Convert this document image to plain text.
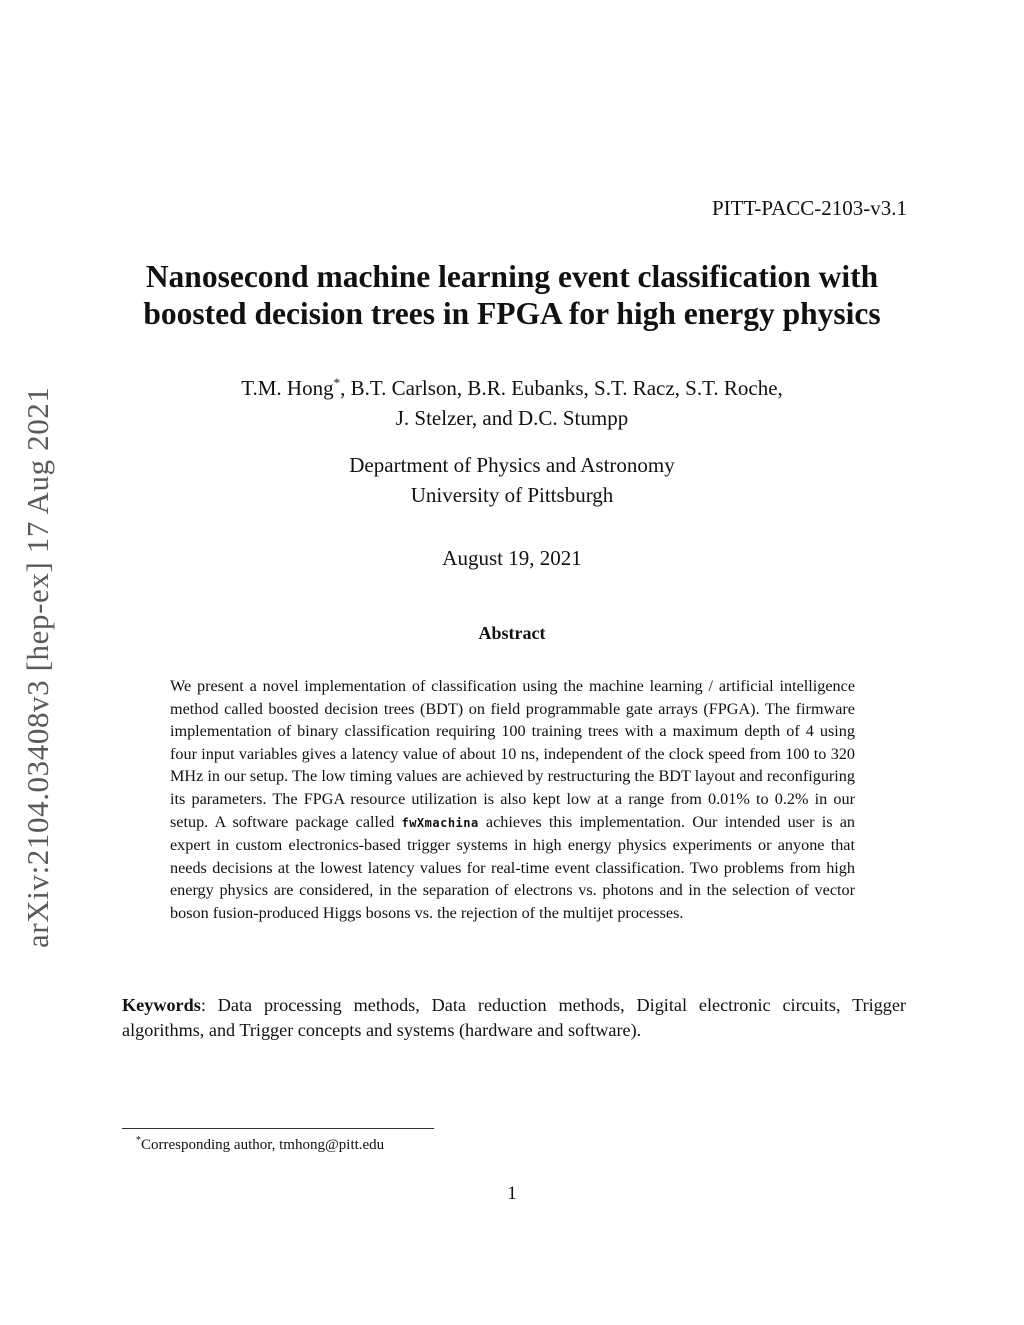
arXiv:2104.03408v3 [hep-ex] 17 Aug 2021
PITT-PACC-2103-v3.1
Nanosecond machine learning event classification with
boosted decision trees in FPGA for high energy physics
T.M. Hong*, B.T. Carlson, B.R. Eubanks, S.T. Racz, S.T. Roche,
J. Stelzer, and D.C. Stumpp
Department of Physics and Astronomy
University of Pittsburgh
August 19, 2021
Abstract
We present a novel implementation of classification using the machine learning / artificial intelligence method called boosted decision trees (BDT) on field programmable gate arrays (FPGA). The firmware implementation of binary classification requiring 100 training trees with a maximum depth of 4 using four input variables gives a latency value of about 10 ns, independent of the clock speed from 100 to 320 MHz in our setup. The low timing values are achieved by restructuring the BDT layout and reconfiguring its parameters. The FPGA resource utilization is also kept low at a range from 0.01% to 0.2% in our setup. A software package called fwXmachina achieves this implementation. Our intended user is an expert in custom electronics-based trigger systems in high energy physics experiments or anyone that needs decisions at the lowest latency values for real-time event classification. Two problems from high energy physics are considered, in the separation of electrons vs. photons and in the selection of vector boson fusion-produced Higgs bosons vs. the rejection of the multijet processes.
Keywords: Data processing methods, Data reduction methods, Digital electronic circuits, Trigger algorithms, and Trigger concepts and systems (hardware and software).
*Corresponding author, tmhong@pitt.edu
1
